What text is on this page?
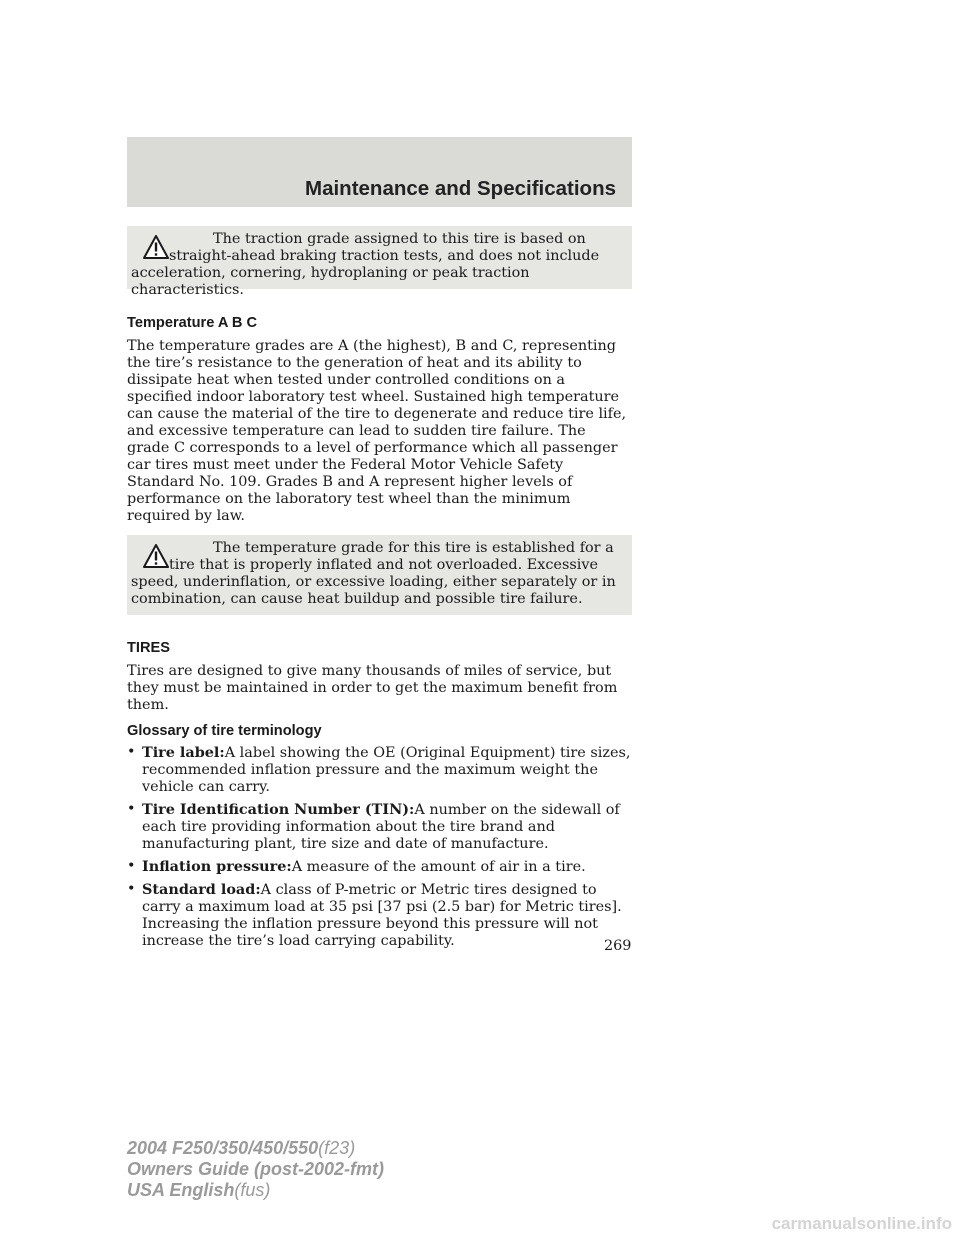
Maintenance and Specifications

The traction grade assigned to this tire is based on straight-ahead braking traction tests, and does not include acceleration, cornering, hydroplaning or peak traction characteristics.

Temperature A B C

The temperature grades are A (the highest), B and C, representing the tire’s resistance to the generation of heat and its ability to dissipate heat when tested under controlled conditions on a specified indoor laboratory test wheel. Sustained high temperature can cause the material of the tire to degenerate and reduce tire life, and excessive temperature can lead to sudden tire failure. The grade C corresponds to a level of performance which all passenger car tires must meet under the Federal Motor Vehicle Safety Standard No. 109. Grades B and A represent higher levels of performance on the laboratory test wheel than the minimum required by law.

The temperature grade for this tire is established for a tire that is properly inflated and not overloaded. Excessive speed, underinflation, or excessive loading, either separately or in combination, can cause heat buildup and possible tire failure.

TIRES

Tires are designed to give many thousands of miles of service, but they must be maintained in order to get the maximum benefit from them.

Glossary of tire terminology

• Tire label:A label showing the OE (Original Equipment) tire sizes, recommended inflation pressure and the maximum weight the vehicle can carry.
• Tire Identification Number (TIN):A number on the sidewall of each tire providing information about the tire brand and manufacturing plant, tire size and date of manufacture.
• Inflation pressure:A measure of the amount of air in a tire.
• Standard load:A class of P-metric or Metric tires designed to carry a maximum load at 35 psi [37 psi (2.5 bar) for Metric tires]. Increasing the inflation pressure beyond this pressure will not increase the tire’s load carrying capability.	269
2004 F250/350/450/550(f23)
Owners Guide (post-2002-fmt)
USA English(fus)
carmanualsonline.info
